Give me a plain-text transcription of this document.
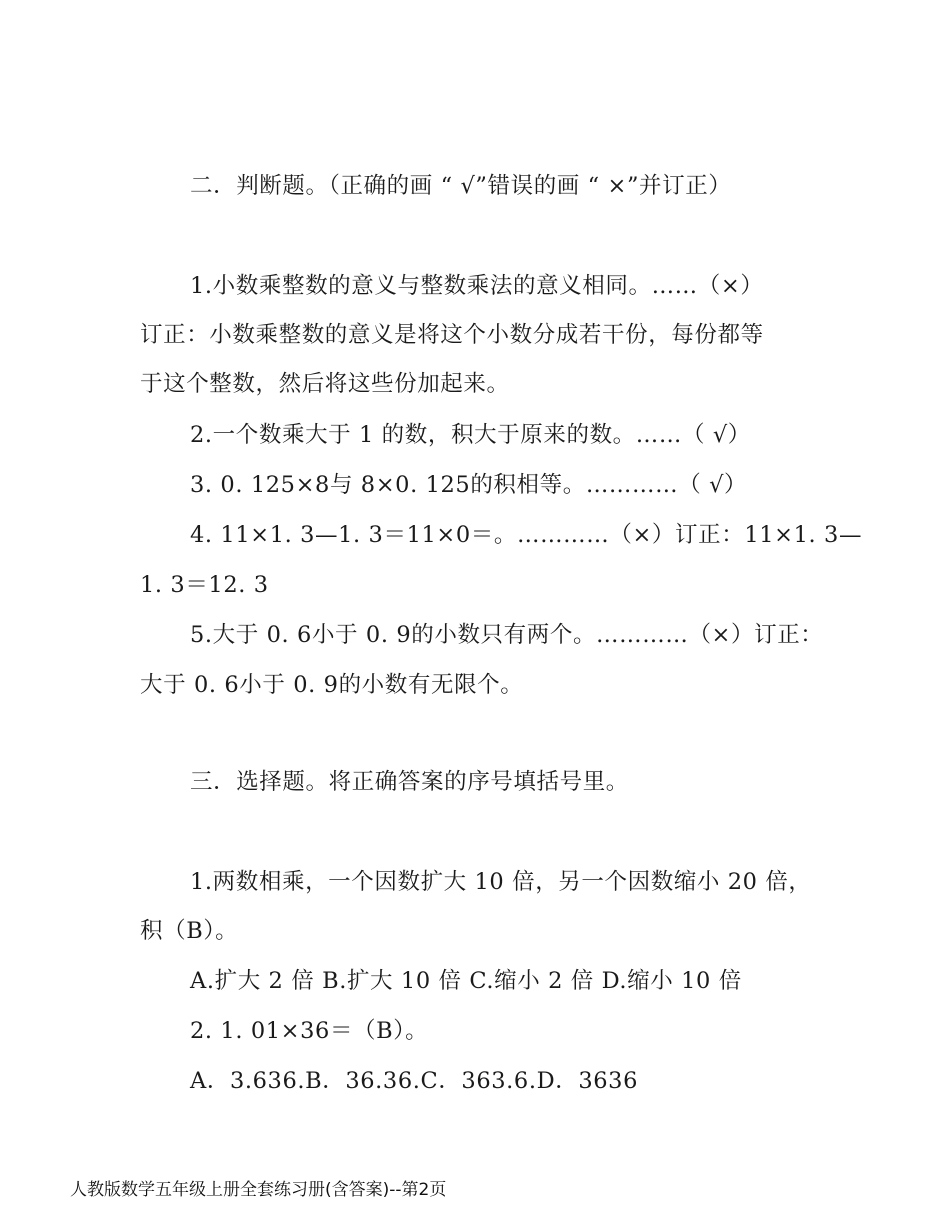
二．判断题。（正确的画 “ √”错误的画 “ ×”并订正）
1.小数乘整数的意义与整数乘法的意义相同。……（×）
订正：小数乘整数的意义是将这个小数分成若干份，每份都等
于这个整数，然后将这些份加起来。
2.一个数乘大于 1 的数，积大于原来的数。……（ √）
3. 0. 125×8与 8×0. 125的积相等。…………（ √）
4. 11×1. 3—1. 3＝11×0＝。…………（×）订正：11×1. 3—
1. 3＝12. 3
5.大于 0. 6小于 0. 9的小数只有两个。…………（×）订正：
大于 0. 6小于 0. 9的小数有无限个。
三．选择题。将正确答案的序号填括号里。
1.两数相乘，一个因数扩大 10 倍，另一个因数缩小 20 倍，
积（B）。
A.扩大 2 倍 B.扩大 10 倍 C.缩小 2 倍 D.缩小 10 倍
2. 1. 01×36＝（B）。
A．3.636.B．36.36.C．363.6.D．3636
人教版数学五年级上册全套练习册(含答案)--第2页
